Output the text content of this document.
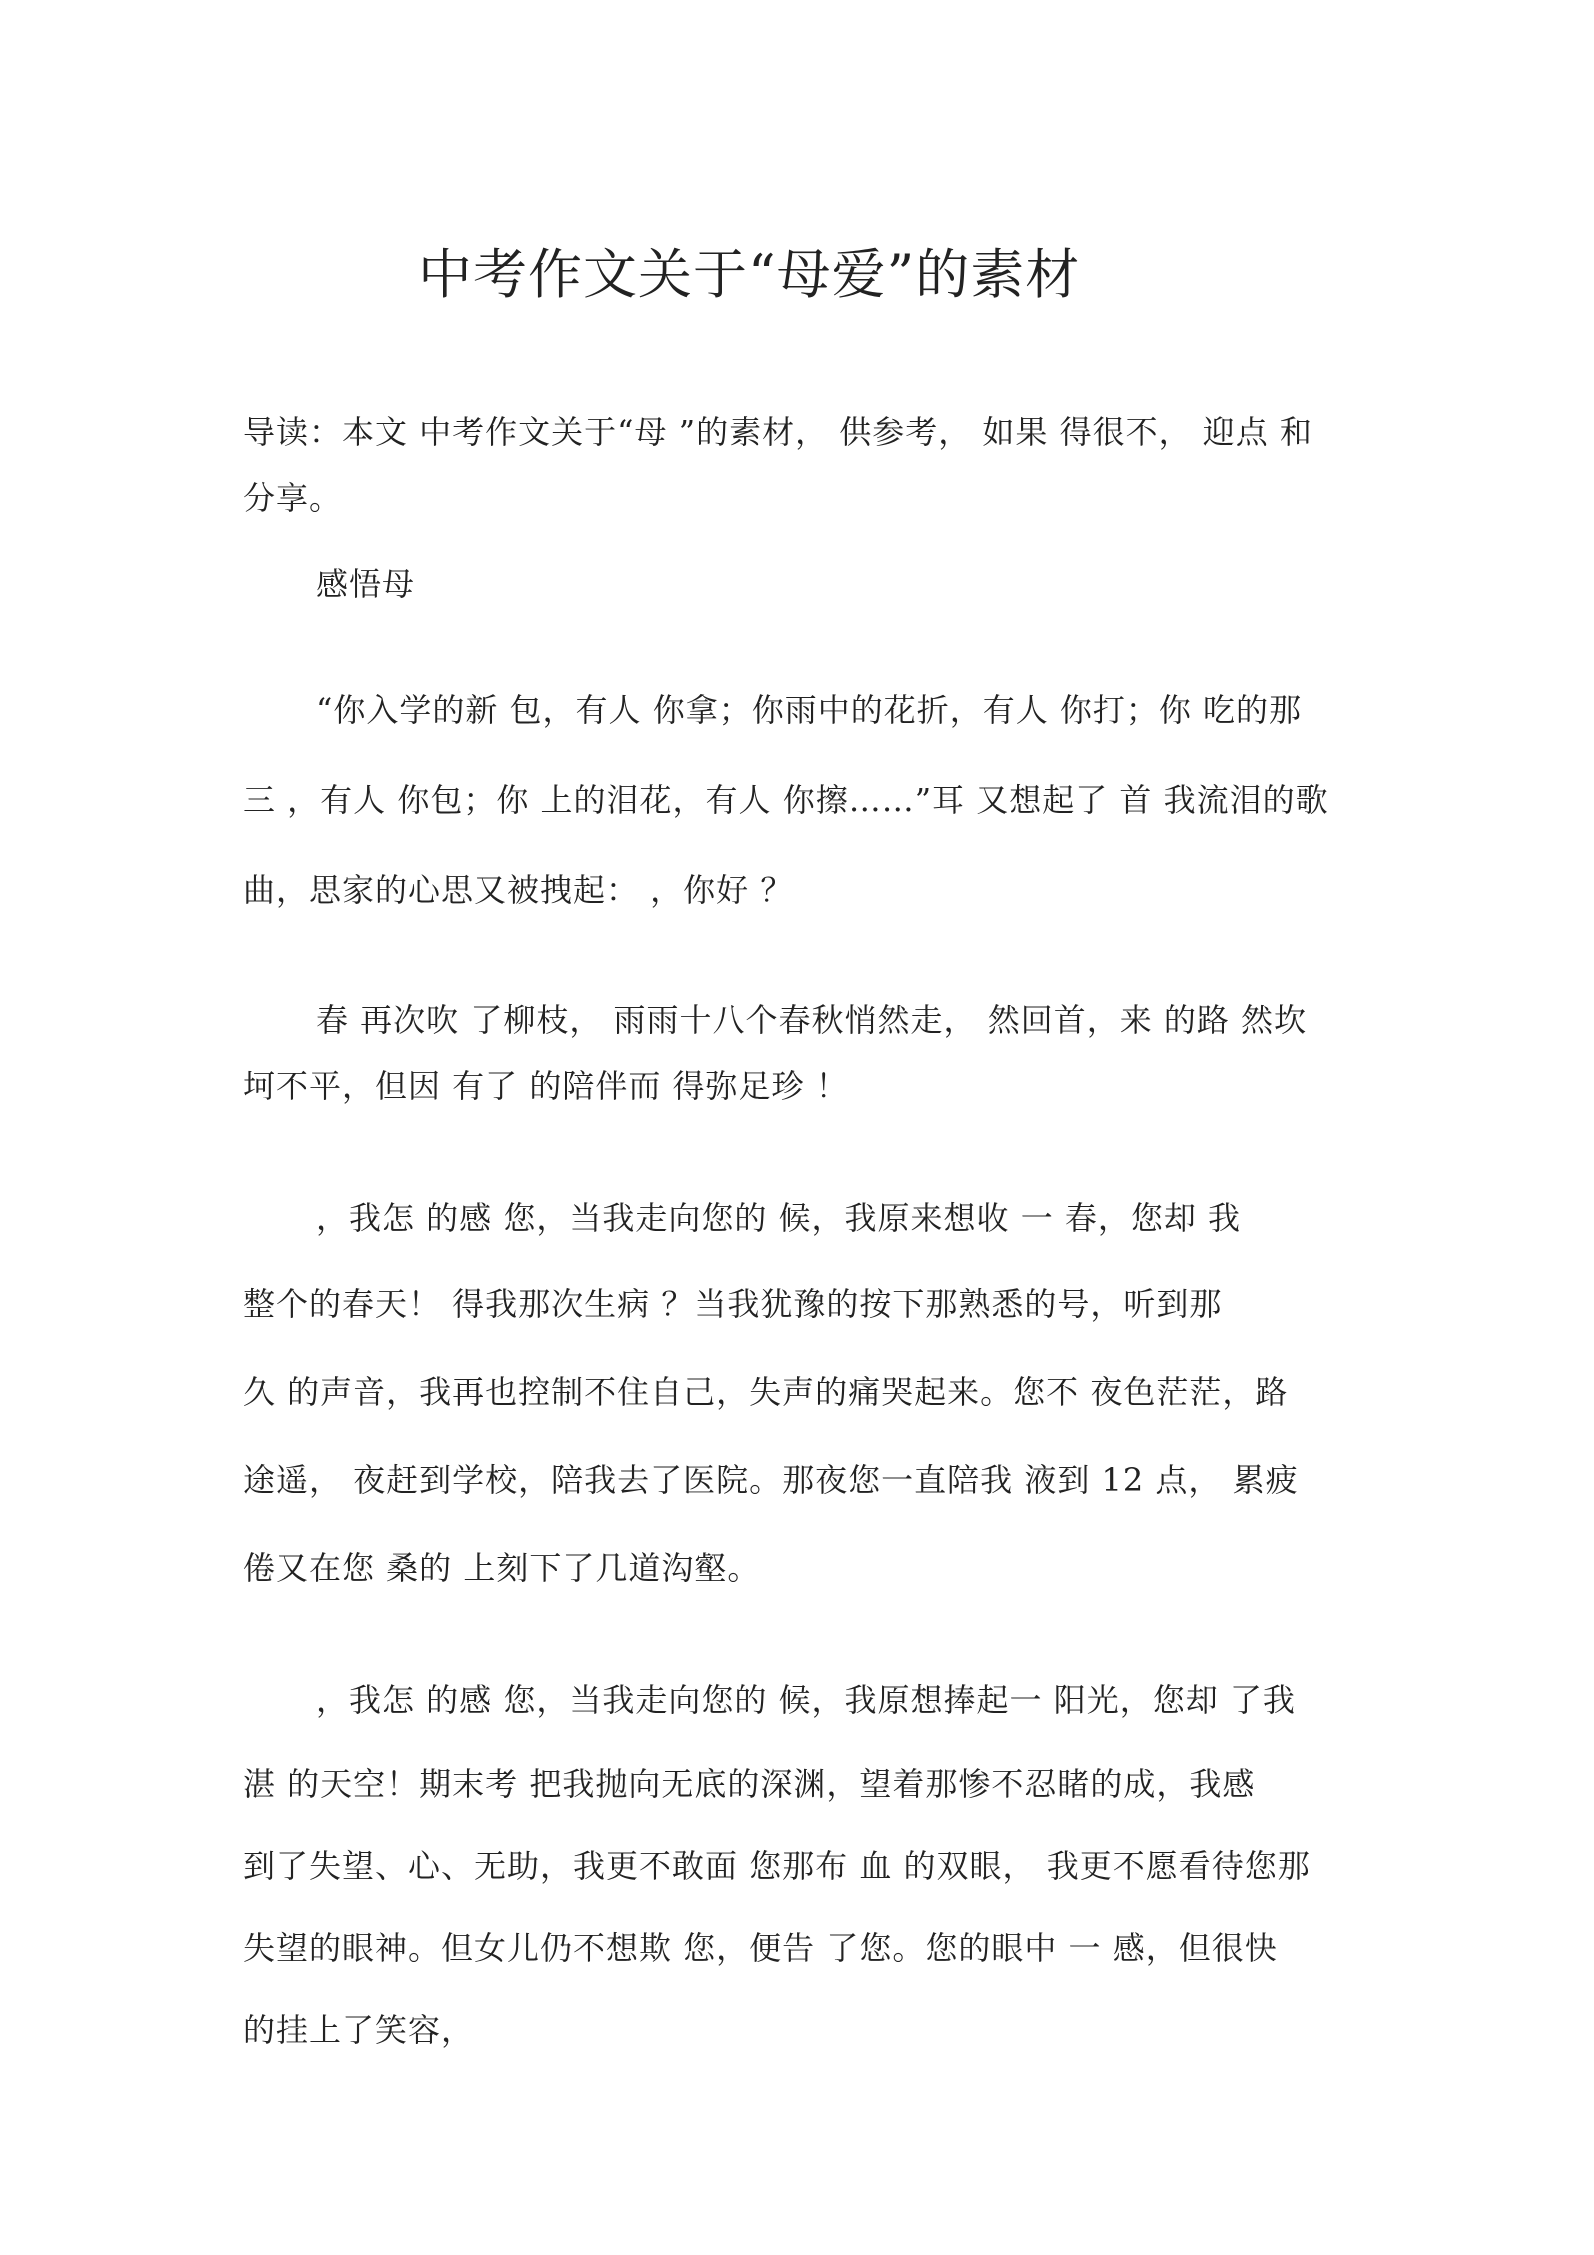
中考作文关于“母爱”的素材
导读：本文 中考作文关于“母 ”的素材， 供参考， 如果 得很不， 迎点 和
分享。
感悟母
“你入学的新 包，有人 你拿；你雨中的花折，有人 你打；你 吃的那
三 ，有人 你包；你 上的泪花，有人 你擦……”耳 又想起了 首 我流泪的歌
曲，思家的心思又被拽起： ，你好 ？
春 再次吹 了柳枝， 雨雨十八个春秋悄然走， 然回首，来 的路 然坎
坷不平，但因 有了 的陪伴而 得弥足珍 ！
，我怎 的感 您，当我走向您的 候，我原来想收 一 春，您却 我
整个的春天！ 得我那次生病 ？当我犹豫的按下那熟悉的号，听到那
久 的声音，我再也控制不住自己，失声的痛哭起来。您不 夜色茫茫，路
途遥， 夜赶到学校，陪我去了医院。那夜您一直陪我 液到 12 点， 累疲
倦又在您 桑的 上刻下了几道沟壑。
，我怎 的感 您，当我走向您的 候，我原想捧起一 阳光，您却 了我
湛 的天空！期末考 把我抛向无底的深渊，望着那惨不忍睹的成，我感
到了失望、心、无助，我更不敢面 您那布 血 的双眼， 我更不愿看待您那
失望的眼神。但女儿仍不想欺 您，便告 了您。您的眼中 一 感，但很快
的挂上了笑容，
